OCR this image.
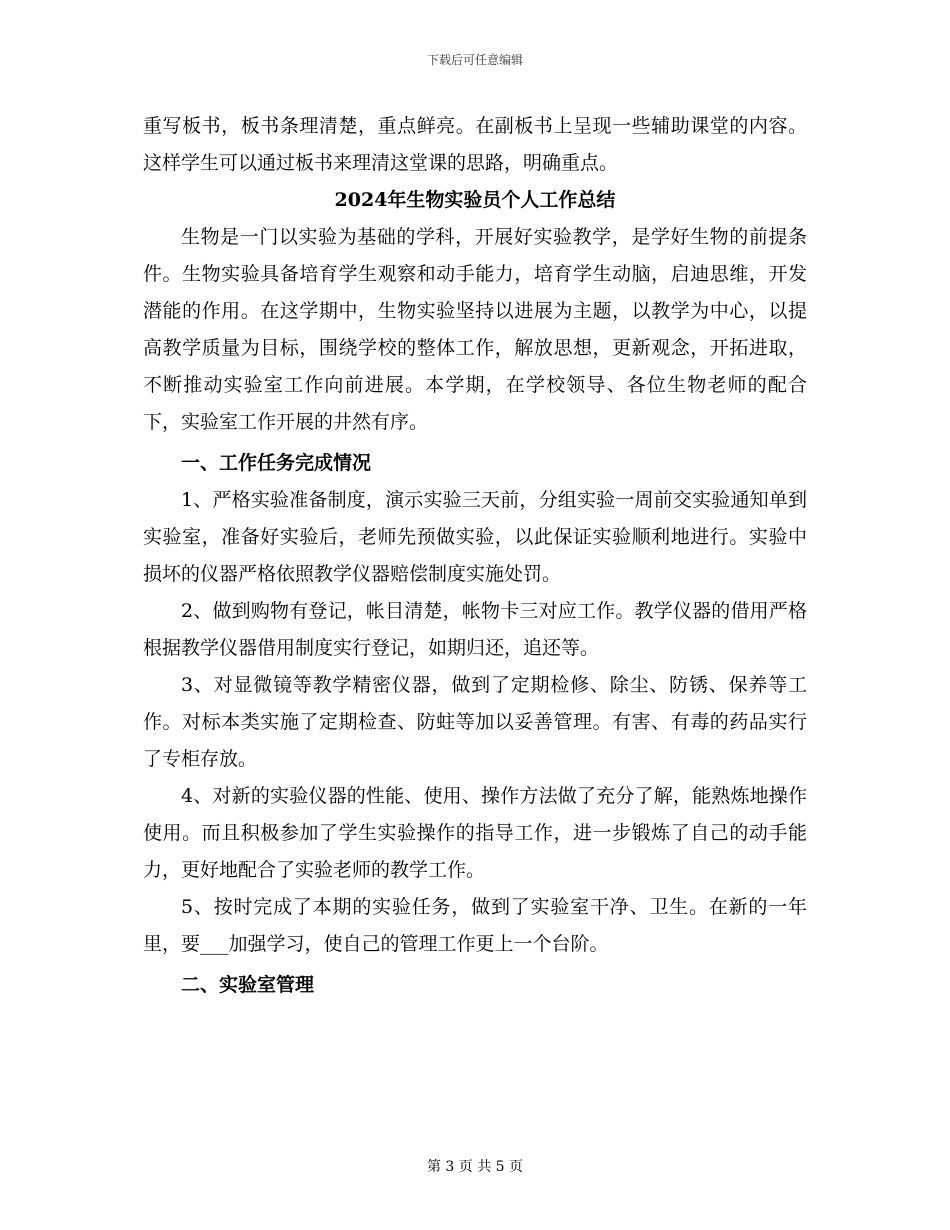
下载后可任意编辑

重写板书，板书条理清楚，重点鲜亮。在副板书上呈现一些辅助课堂的内容。这样学生可以通过板书来理清这堂课的思路，明确重点。

2024年生物实验员个人工作总结

生物是一门以实验为基础的学科，开展好实验教学，是学好生物的前提条件。生物实验具备培育学生观察和动手能力，培育学生动脑，启迪思维，开发潜能的作用。在这学期中，生物实验坚持以进展为主题，以教学为中心，以提高教学质量为目标，围绕学校的整体工作，解放思想，更新观念，开拓进取，不断推动实验室工作向前进展。本学期，在学校领导、各位生物老师的配合下，实验室工作开展的井然有序。

一、工作任务完成情况

1、严格实验准备制度，演示实验三天前，分组实验一周前交实验通知单到实验室，准备好实验后，老师先预做实验，以此保证实验顺利地进行。实验中损坏的仪器严格依照教学仪器赔偿制度实施处罚。

2、做到购物有登记，帐目清楚，帐物卡三对应工作。教学仪器的借用严格根据教学仪器借用制度实行登记，如期归还，追还等。

3、对显微镜等教学精密仪器，做到了定期检修、除尘、防锈、保养等工作。对标本类实施了定期检查、防蛀等加以妥善管理。有害、有毒的药品实行了专柜存放。

4、对新的实验仪器的性能、使用、操作方法做了充分了解，能熟炼地操作使用。而且积极参加了学生实验操作的指导工作，进一步锻炼了自己的动手能力，更好地配合了实验老师的教学工作。

5、按时完成了本期的实验任务，做到了实验室干净、卫生。在新的一年里，要___加强学习，使自己的管理工作更上一个台阶。

二、实验室管理

第 3 页 共 5 页
